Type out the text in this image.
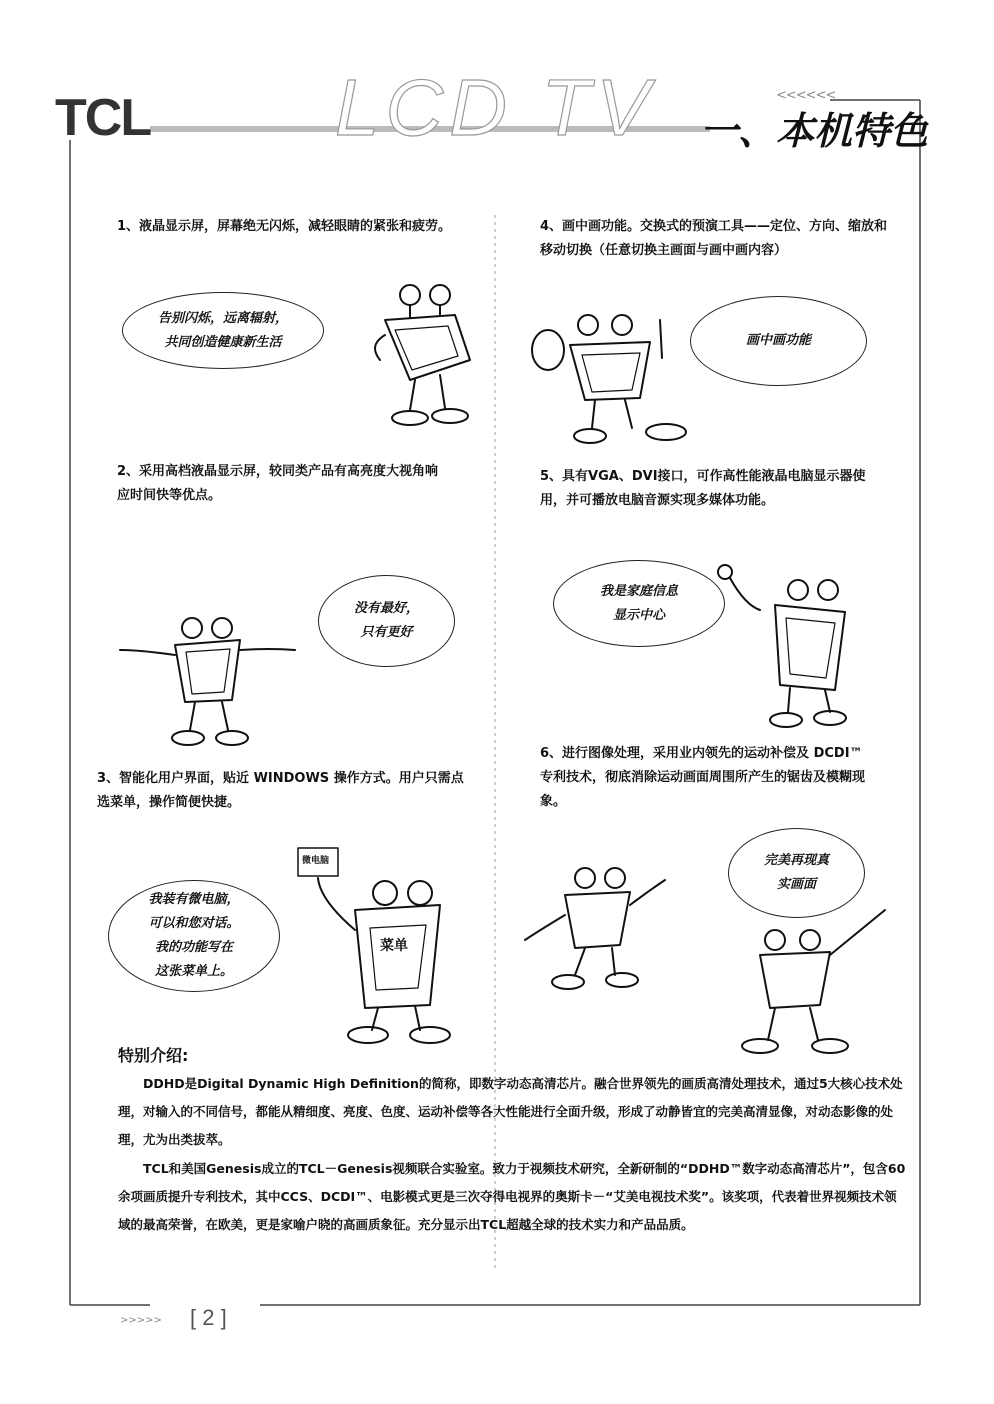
TCL LCD TV	<<<<<<
一、本机特色
1、液晶显示屏，屏幕绝无闪烁，减轻眼睛的紧张和疲劳。
告别闪烁，远离辐射，
共同创造健康新生活
2、采用高档液晶显示屏，较同类产品有高亮度大视角响应时间快等优点。
没有最好，
只有更好
3、智能化用户界面，贴近 WINDOWS 操作方式。用户只需点选菜单，操作简便快捷。
我装有微电脑，
可以和您对话。
我的功能写在
这张菜单上。
微电脑
菜单
4、画中画功能。交换式的预演工具——定位、方向、缩放和移动切换（任意切换主画面与画中画内容）
画中画功能
5、具有VGA、DVI接口，可作高性能液晶电脑显示器使用，并可播放电脑音源实现多媒体功能。
我是家庭信息
显示中心
6、进行图像处理，采用业内领先的运动补偿及 DCDI™ 专利技术，彻底消除运动画面周围所产生的锯齿及模糊现象。
完美再现真
实画面
特别介绍:

DDHD是Digital Dynamic High Definition的简称，即数字动态高清芯片。融合世界领先的画质高清处理技术，通过5大核心技术处理，对输入的不同信号，都能从精细度、亮度、色度、运动补偿等各大性能进行全面升级，形成了动静皆宜的完美高清显像，对动态影像的处理，尤为出类拔萃。

TCL和美国Genesis成立的TCL－Genesis视频联合实验室。致力于视频技术研究，全新研制的“DDHD™数字动态高清芯片”，包含60余项画质提升专利技术，其中CCS、DCDI™、电影模式更是三次夺得电视界的奥斯卡－“艾美电视技术奖”。该奖项，代表着世界视频技术领域的最高荣誉，在欧美，更是家喻户晓的高画质象征。充分显示出TCL超越全球的技术实力和产品品质。

>>>>> [ 2 ]
